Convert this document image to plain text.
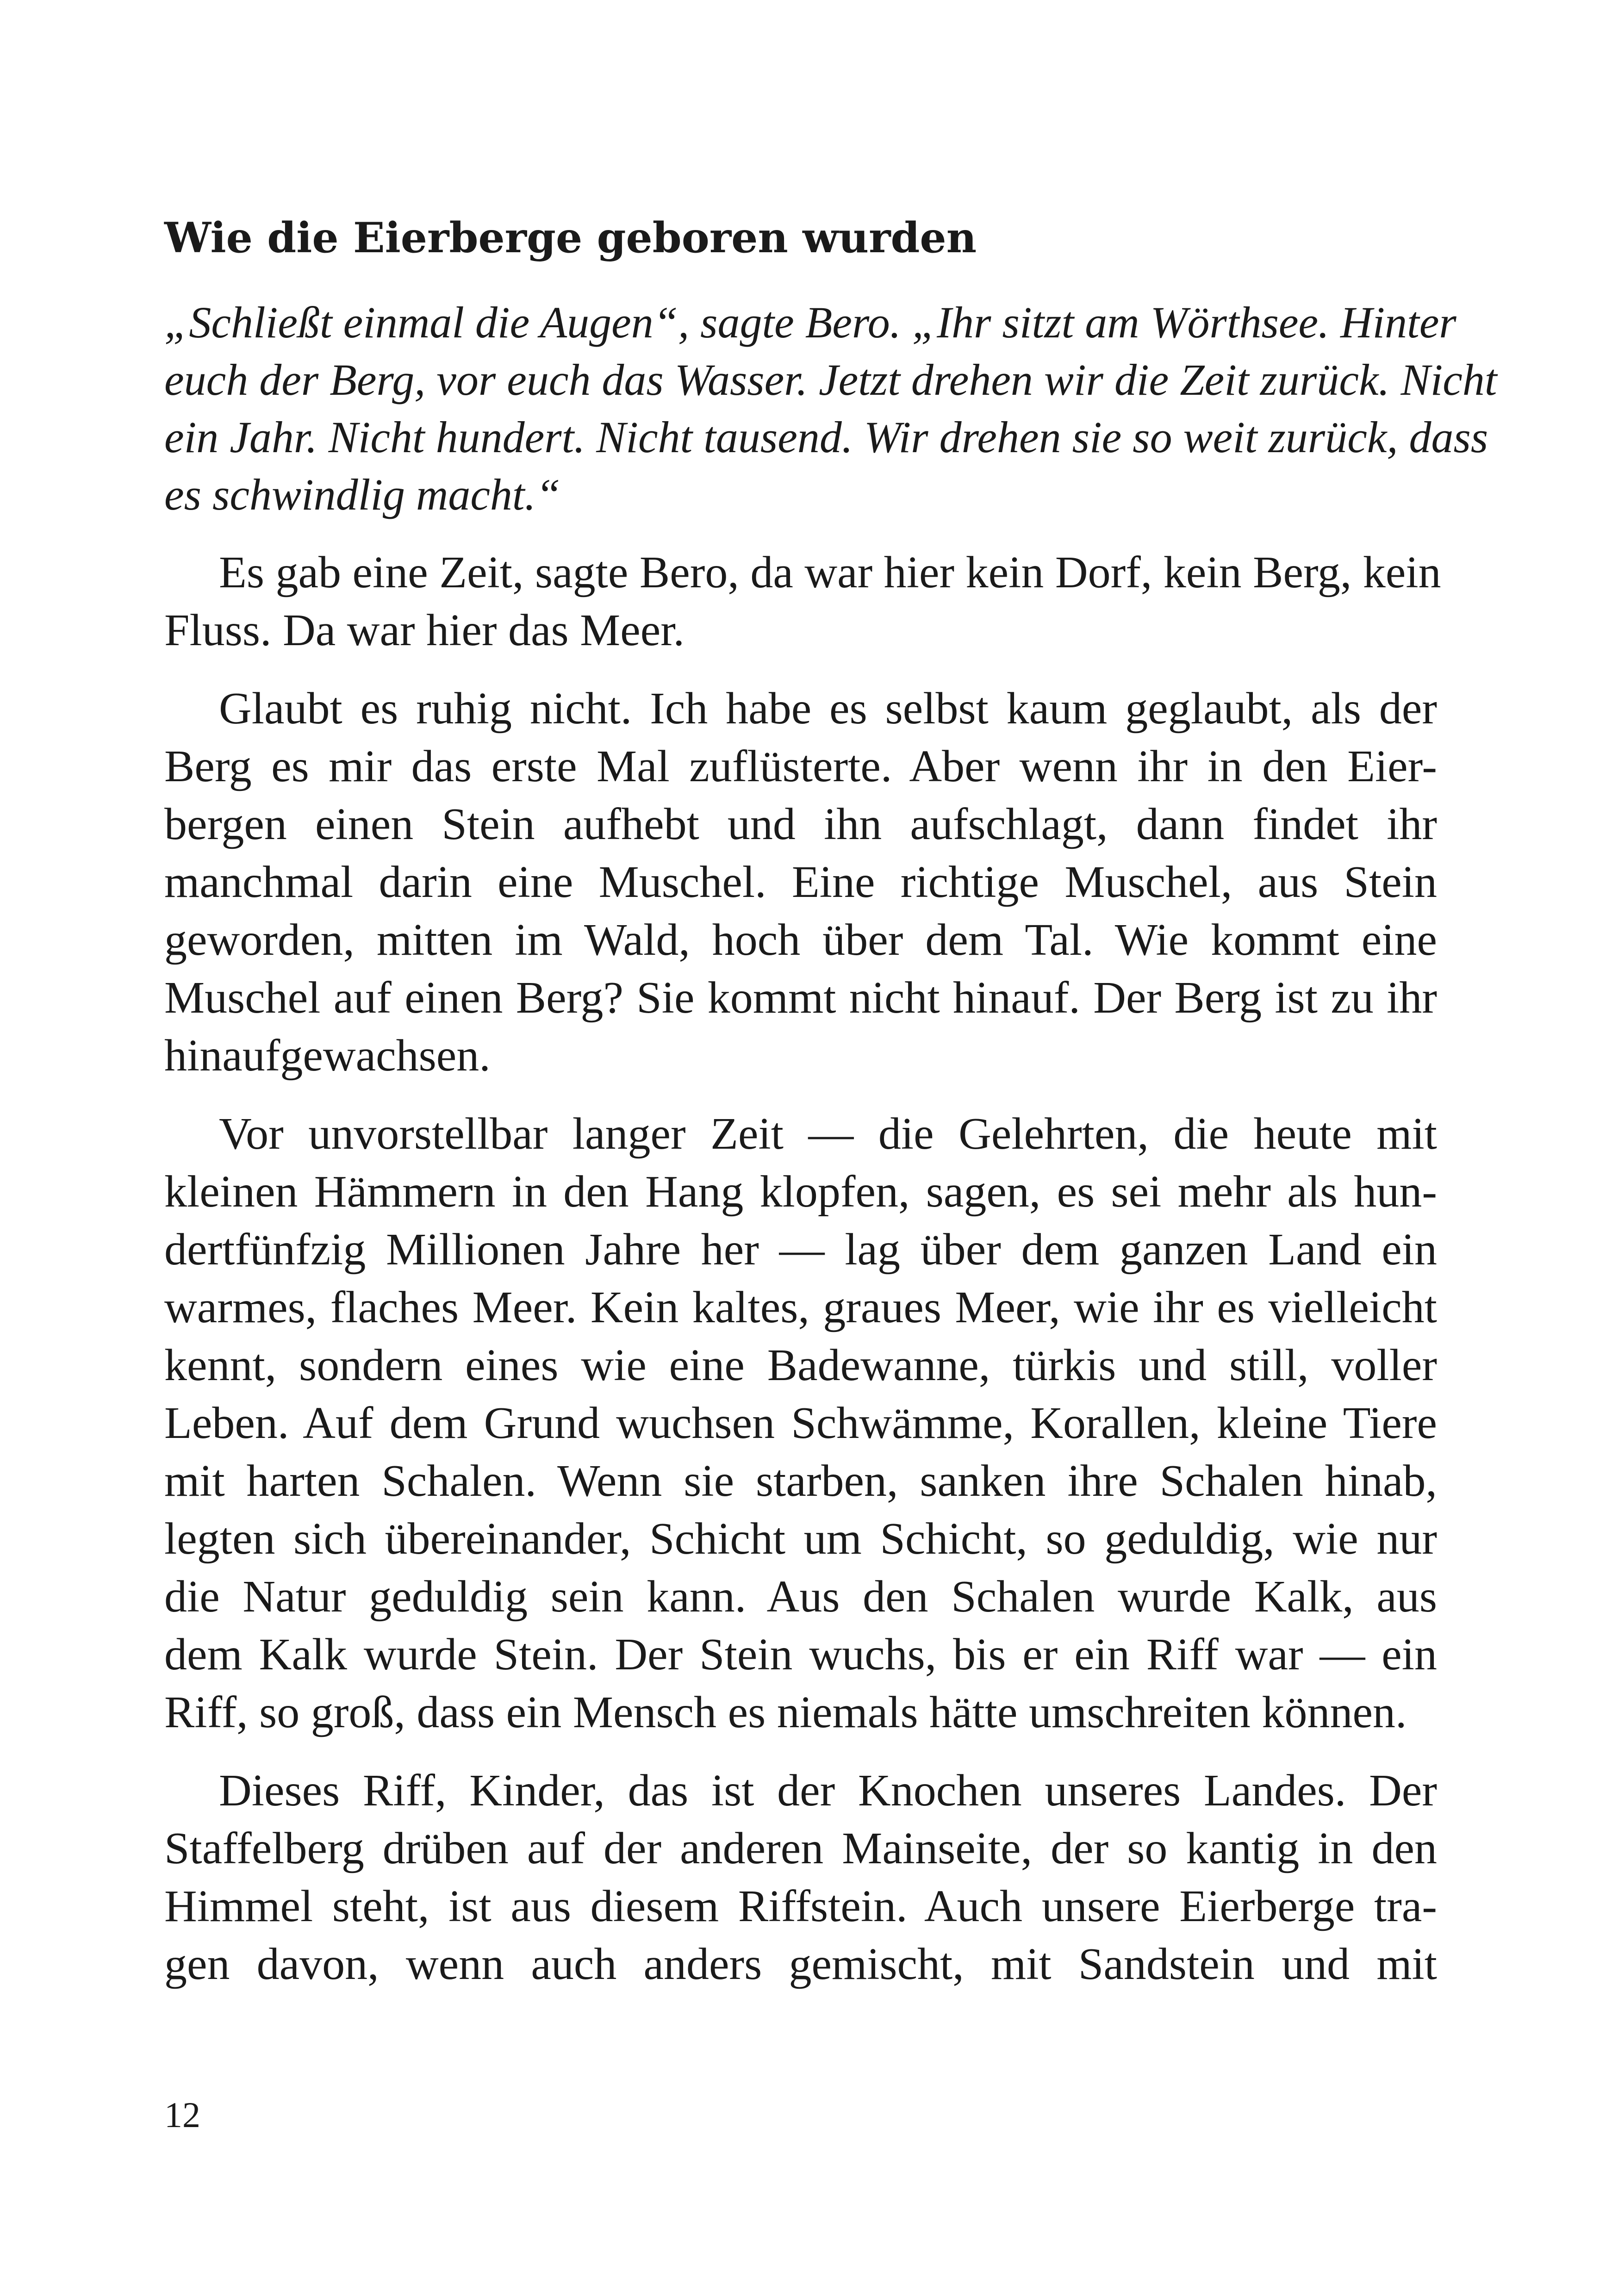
Wie die Eierberge geboren wurden

„Schließt einmal die Augen“, sagte Bero. „Ihr sitzt am Wörthsee. Hinter
euch der Berg, vor euch das Wasser. Jetzt drehen wir die Zeit zurück. Nicht
ein Jahr. Nicht hundert. Nicht tausend. Wir drehen sie so weit zurück, dass
es schwindlig macht.“

Es gab eine Zeit, sagte Bero, da war hier kein Dorf, kein Berg, kein
Fluss. Da war hier das Meer.

Glaubt es ruhig nicht. Ich habe es selbst kaum geglaubt, als der
Berg es mir das erste Mal zuflüsterte. Aber wenn ihr in den Eier-
bergen einen Stein aufhebt und ihn aufschlagt, dann findet ihr
manchmal darin eine Muschel. Eine richtige Muschel, aus Stein
geworden, mitten im Wald, hoch über dem Tal. Wie kommt eine
Muschel auf einen Berg? Sie kommt nicht hinauf. Der Berg ist zu ihr
hinaufgewachsen.

Vor unvorstellbar langer Zeit — die Gelehrten, die heute mit
kleinen Hämmern in den Hang klopfen, sagen, es sei mehr als hun-
dertfünfzig Millionen Jahre her — lag über dem ganzen Land ein
warmes, flaches Meer. Kein kaltes, graues Meer, wie ihr es vielleicht
kennt, sondern eines wie eine Badewanne, türkis und still, voller
Leben. Auf dem Grund wuchsen Schwämme, Korallen, kleine Tiere
mit harten Schalen. Wenn sie starben, sanken ihre Schalen hinab,
legten sich übereinander, Schicht um Schicht, so geduldig, wie nur
die Natur geduldig sein kann. Aus den Schalen wurde Kalk, aus
dem Kalk wurde Stein. Der Stein wuchs, bis er ein Riff war — ein
Riff, so groß, dass ein Mensch es niemals hätte umschreiten können.

Dieses Riff, Kinder, das ist der Knochen unseres Landes. Der
Staffelberg drüben auf der anderen Mainseite, der so kantig in den
Himmel steht, ist aus diesem Riffstein. Auch unsere Eierberge tra-
gen davon, wenn auch anders gemischt, mit Sandstein und mit

12
